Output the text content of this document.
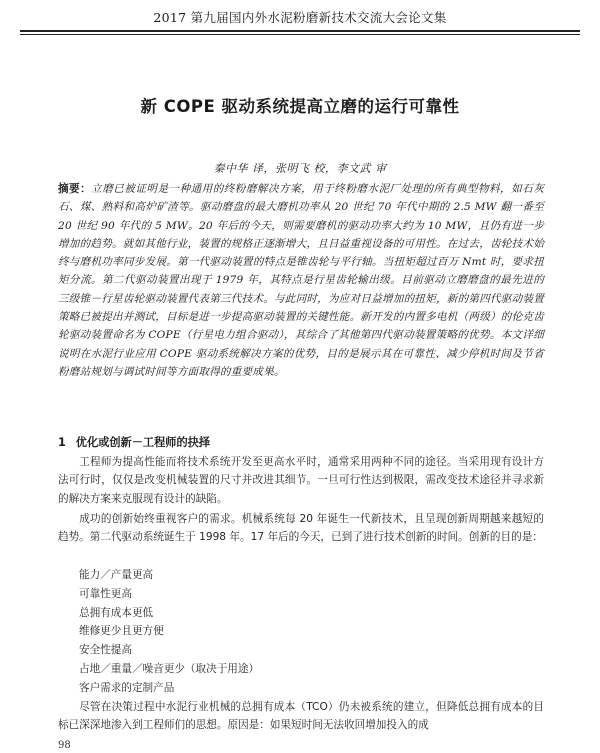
2017 第九届国内外水泥粉磨新技术交流大会论文集
新 COPE 驱动系统提高立磨的运行可靠性
秦中华 译，张明飞 校，李文武 审
摘要：立磨已被证明是一种通用的终粉磨解决方案，用于终粉磨水泥厂处理的所有典型物料，如石灰石、煤、熟料和高炉矿渣等。驱动磨盘的最大磨机功率从 20 世纪 70 年代中期的 2.5 MW 翻一番至 20 世纪 90 年代的 5 MW。20 年后的今天，则需要磨机的驱动功率大约为 10 MW，且仍有进一步增加的趋势。就如其他行业，装置的规格正逐渐增大，且日益重视设备的可用性。在过去，齿轮技术始终与磨机功率同步发展。第一代驱动装置的特点是锥齿轮与平行轴。当扭矩超过百万 Nmt 时，要求扭矩分流。第二代驱动装置出现于 1979 年，其特点是行星齿轮输出级。目前驱动立磨磨盘的最先进的三级锥－行星齿轮驱动装置代表第三代技术。与此同时，为应对日益增加的扭矩，新的第四代驱动装置策略已被提出并测试，目标是进一步提高驱动装置的关键性能。新开发的内置多电机（两级）的伦克齿轮驱动装置命名为 COPE（行星电力组合驱动），其综合了其他第四代驱动装置策略的优势。本文详细说明在水泥行业应用 COPE 驱动系统解决方案的优势，目的是展示其在可靠性、减少停机时间及节省粉磨站规划与调试时间等方面取得的重要成果。
1 优化或创新－工程师的抉择

工程师为提高性能而将技术系统开发至更高水平时，通常采用两种不同的途径。当采用现有设计方法可行时，仅仅是改变机械装置的尺寸并改进其细节。一旦可行性达到极限，需改变技术途径并寻求新的解决方案来克服现有设计的缺陷。

成功的创新始终重视客户的需求。机械系统每 20 年诞生一代新技术，且呈现创新周期越来越短的趋势。第二代驱动系统诞生于 1998 年。17 年后的今天，已到了进行技术创新的时间。创新的目的是：

能力／产量更高
可靠性更高
总拥有成本更低
维修更少且更方便
安全性提高
占地／重量／噪音更少（取决于用途）
客户需求的定制产品

尽管在决策过程中水泥行业机械的总拥有成本（TCO）仍未被系统的建立，但降低总拥有成本的目标已深深地渗入到工程师们的思想。原因是：如果短时间无法收回增加投入的成

98
